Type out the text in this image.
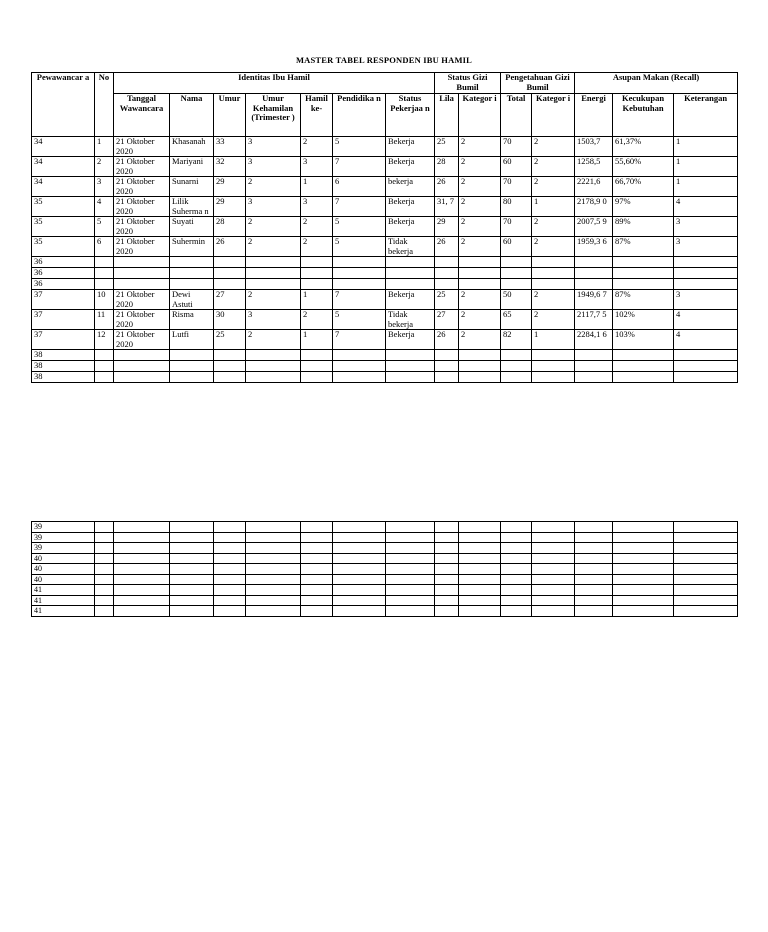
MASTER TABEL RESPONDEN IBU HAMIL
Pewawancar a	No	Identitas Ibu Hamil							Status Gizi Bumil		Pengetahuan Gizi Bumil		Asupan Makan (Recall)		
		Tanggal Wawancara	Nama	Umur	Umur Kehamilan (Trimester )	Hamil ke-	Pendidika n	Status Pekerjaa n	Lila	Kategor i	Total	Kategor i	Energi	Kecukupan Kebutuhan	Keterangan
34	1	21 Oktober 2020	Khasanah	33	3	2	5	Bekerja	25	2	70	2	1503,7	61,37%	1
34	2	21 Oktober 2020	Mariyani	32	3	3	7	Bekerja	28	2	60	2	1258,5	55,60%	1
34	3	21 Oktober 2020	Sunarni	29	2	1	6	bekerja	26	2	70	2	2221,6	66,70%	1
35	4	21 Oktober 2020	Lilik Suherma n	29	3	3	7	Bekerja	31, 7	2	80	1	2178,9 0	97%	4
35	5	21 Oktober 2020	Suyati	28	2	2	5	Bekerja	29	2	70	2	2007,5 9	89%	3
35	6	21 Oktober 2020	Suhermin	26	2	2	5	Tidak bekerja	26	2	60	2	1959,3 6	87%	3
36															
36															
36															
37	10	21 Oktober 2020	Dewi Astuti	27	2	1	7	Bekerja	25	2	50	2	1949,6 7	87%	3
37	11	21 Oktober 2020	Risma	30	3	2	5	Tidak bekerja	27	2	65	2	2117,7 5	102%	4
37	12	21 Oktober 2020	Lutfi	25	2	1	7	Bekerja	26	2	82	1	2284,1 6	103%	4
38															
38															
38															
39															
39															
39															
40															
40															
40															
41															
41															
41															
